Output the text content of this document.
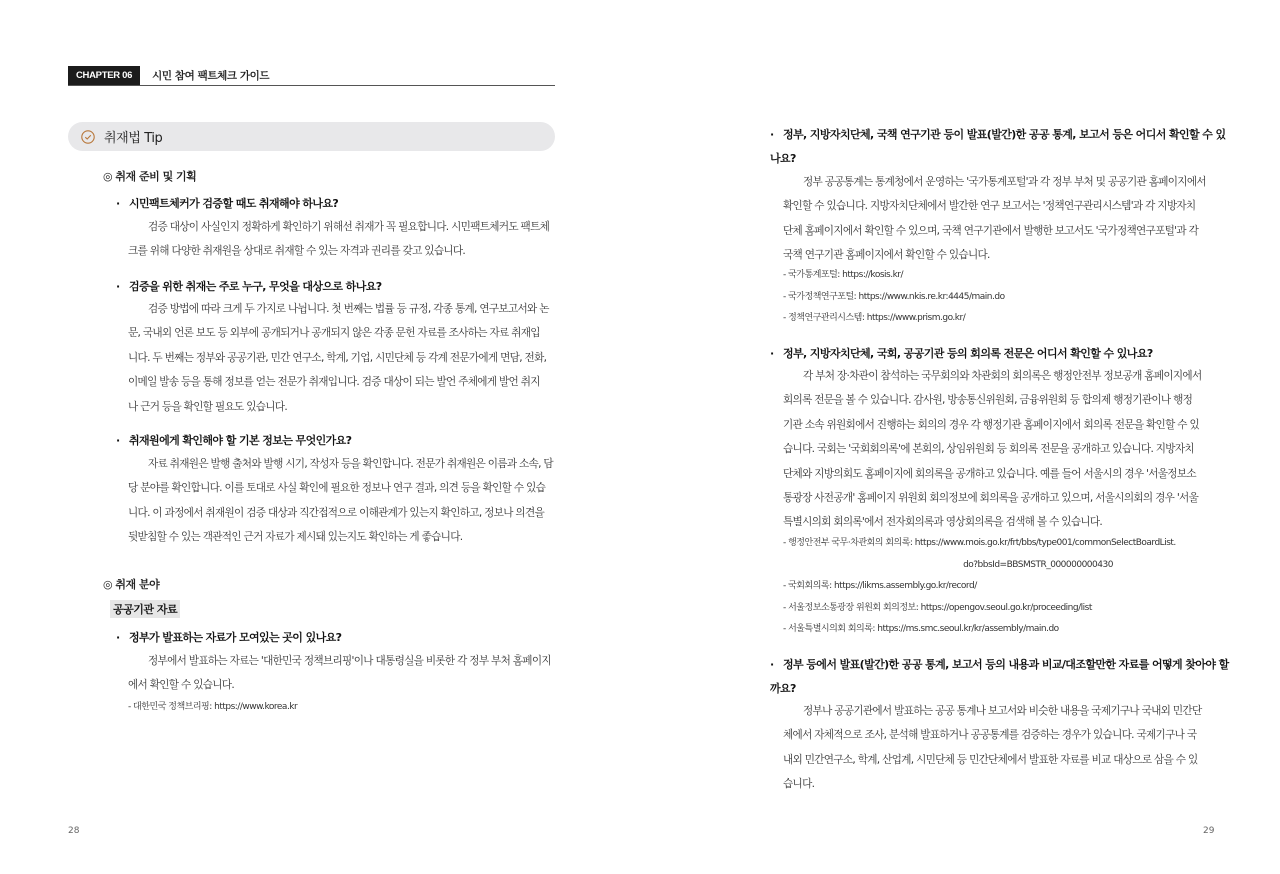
CHAPTER 06	시민 참여 팩트체크 가이드
취재법 Tip
◎ 취재 준비 및 기획
· 시민팩트체커가 검증할 때도 취재해야 하나요?
검증 대상이 사실인지 정확하게 확인하기 위해선 취재가 꼭 필요합니다. 시민팩트체커도 팩트체
크를 위해 다양한 취재원을 상대로 취재할 수 있는 자격과 권리를 갖고 있습니다.
· 검증을 위한 취재는 주로 누구, 무엇을 대상으로 하나요?
검증 방법에 따라 크게 두 가지로 나뉩니다. 첫 번째는 법률 등 규정, 각종 통계, 연구보고서와 논
문, 국내외 언론 보도 등 외부에 공개되거나 공개되지 않은 각종 문헌 자료를 조사하는 자료 취재입
니다. 두 번째는 정부와 공공기관, 민간 연구소, 학계, 기업, 시민단체 등 각계 전문가에게 면담, 전화,
이메일 발송 등을 통해 정보를 얻는 전문가 취재입니다. 검증 대상이 되는 발언 주체에게 발언 취지
나 근거 등을 확인할 필요도 있습니다.
· 취재원에게 확인해야 할 기본 정보는 무엇인가요?
자료 취재원은 발행 출처와 발행 시기, 작성자 등을 확인합니다. 전문가 취재원은 이름과 소속, 담
당 분야를 확인합니다. 이를 토대로 사실 확인에 필요한 정보나 연구 결과, 의견 등을 확인할 수 있습
니다. 이 과정에서 취재원이 검증 대상과 직간접적으로 이해관계가 있는지 확인하고, 정보나 의견을
뒷받침할 수 있는 객관적인 근거 자료가 제시돼 있는지도 확인하는 게 좋습니다.
◎ 취재 분야
공공기관 자료
· 정부가 발표하는 자료가 모여있는 곳이 있나요?
정부에서 발표하는 자료는 '대한민국 정책브리핑'이나 대통령실을 비롯한 각 정부 부처 홈페이지
에서 확인할 수 있습니다.
- 대한민국 정책브리핑: https://www.korea.kr
28
· 정부, 지방자치단체, 국책 연구기관 등이 발표(발간)한 공공 통계, 보고서 등은 어디서 확인할 수 있
나요?
정부 공공통계는 통계청에서 운영하는 '국가통계포털'과 각 정부 부처 및 공공기관 홈페이지에서
확인할 수 있습니다. 지방자치단체에서 발간한 연구 보고서는 '정책연구관리시스템'과 각 지방자치
단체 홈페이지에서 확인할 수 있으며, 국책 연구기관에서 발행한 보고서도 '국가정책연구포털'과 각
국책 연구기관 홈페이지에서 확인할 수 있습니다.
- 국가통계포털: https://kosis.kr/
- 국가정책연구포털: https://www.nkis.re.kr:4445/main.do
- 정책연구관리시스템: https://www.prism.go.kr/
· 정부, 지방자치단체, 국회, 공공기관 등의 회의록 전문은 어디서 확인할 수 있나요?
각 부처 장·차관이 참석하는 국무회의와 차관회의 회의록은 행정안전부 정보공개 홈페이지에서
회의록 전문을 볼 수 있습니다. 감사원, 방송통신위원회, 금융위원회 등 합의제 행정기관이나 행정
기관 소속 위원회에서 진행하는 회의의 경우 각 행정기관 홈페이지에서 회의록 전문을 확인할 수 있
습니다. 국회는 '국회회의록'에 본회의, 상임위원회 등 회의록 전문을 공개하고 있습니다. 지방자치
단체와 지방의회도 홈페이지에 회의록을 공개하고 있습니다. 예를 들어 서울시의 경우 '서울정보소
통광장 사전공개' 홈페이지 위원회 회의정보에 회의록을 공개하고 있으며, 서울시의회의 경우 '서울
특별시의회 회의록'에서 전자회의록과 영상회의록을 검색해 볼 수 있습니다.
- 행정안전부 국무·차관회의 회의록: https://www.mois.go.kr/frt/bbs/type001/commonSelectBoardList.
do?bbsId=BBSMSTR_000000000430
- 국회회의록: https://likms.assembly.go.kr/record/
- 서울정보소통광장 위원회 회의정보: https://opengov.seoul.go.kr/proceeding/list
- 서울특별시의회 회의록: https://ms.smc.seoul.kr/kr/assembly/main.do
· 정부 등에서 발표(발간)한 공공 통계, 보고서 등의 내용과 비교/대조할만한 자료를 어떻게 찾아야 할
까요?
정부나 공공기관에서 발표하는 공공 통계나 보고서와 비슷한 내용을 국제기구나 국내외 민간단
체에서 자체적으로 조사, 분석해 발표하거나 공공통계를 검증하는 경우가 있습니다. 국제기구나 국
내외 민간연구소, 학계, 산업계, 시민단체 등 민간단체에서 발표한 자료를 비교 대상으로 삼을 수 있
습니다.
29
